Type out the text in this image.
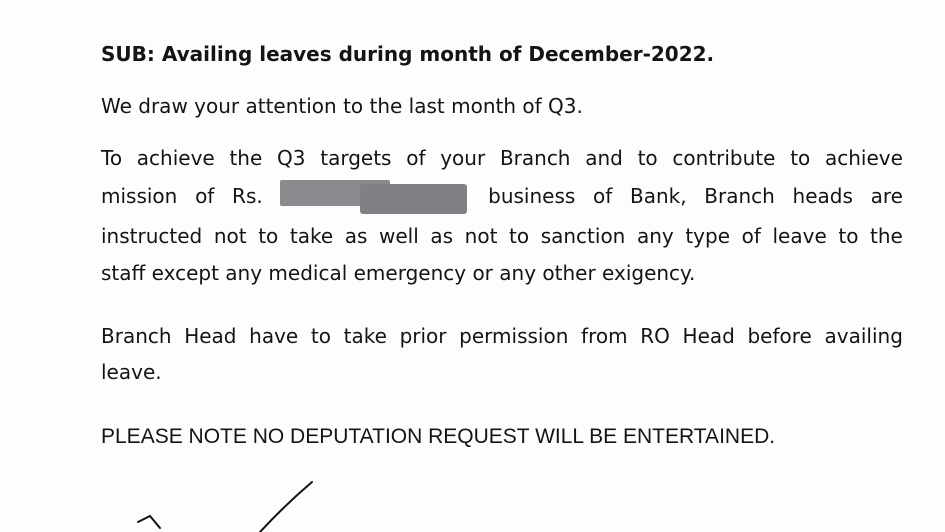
SUB: Availing leaves during month of December-2022.
We draw your attention to the last month of Q3.
To achieve the Q3 targets of your Branch and to contribute to achieve
mission of Rs.	business of Bank, Branch heads are
instructed not to take as well as not to sanction any type of leave to the
staff except any medical emergency or any other exigency.
Branch Head have to take prior permission from RO Head before availing
leave.
PLEASE NOTE NO DEPUTATION REQUEST WILL BE ENTERTAINED.
